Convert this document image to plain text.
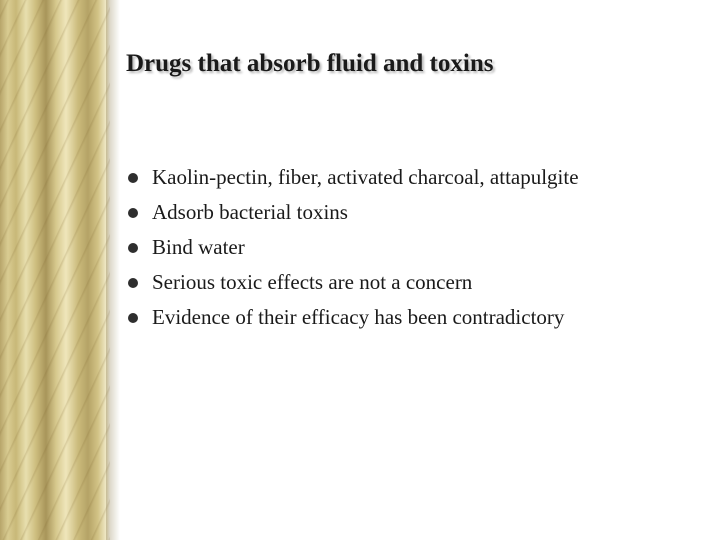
Drugs that absorb fluid and toxins
Kaolin-pectin, fiber, activated charcoal, attapulgite
Adsorb bacterial toxins
Bind water
Serious toxic effects are not a concern
Evidence of their efficacy has been contradictory
